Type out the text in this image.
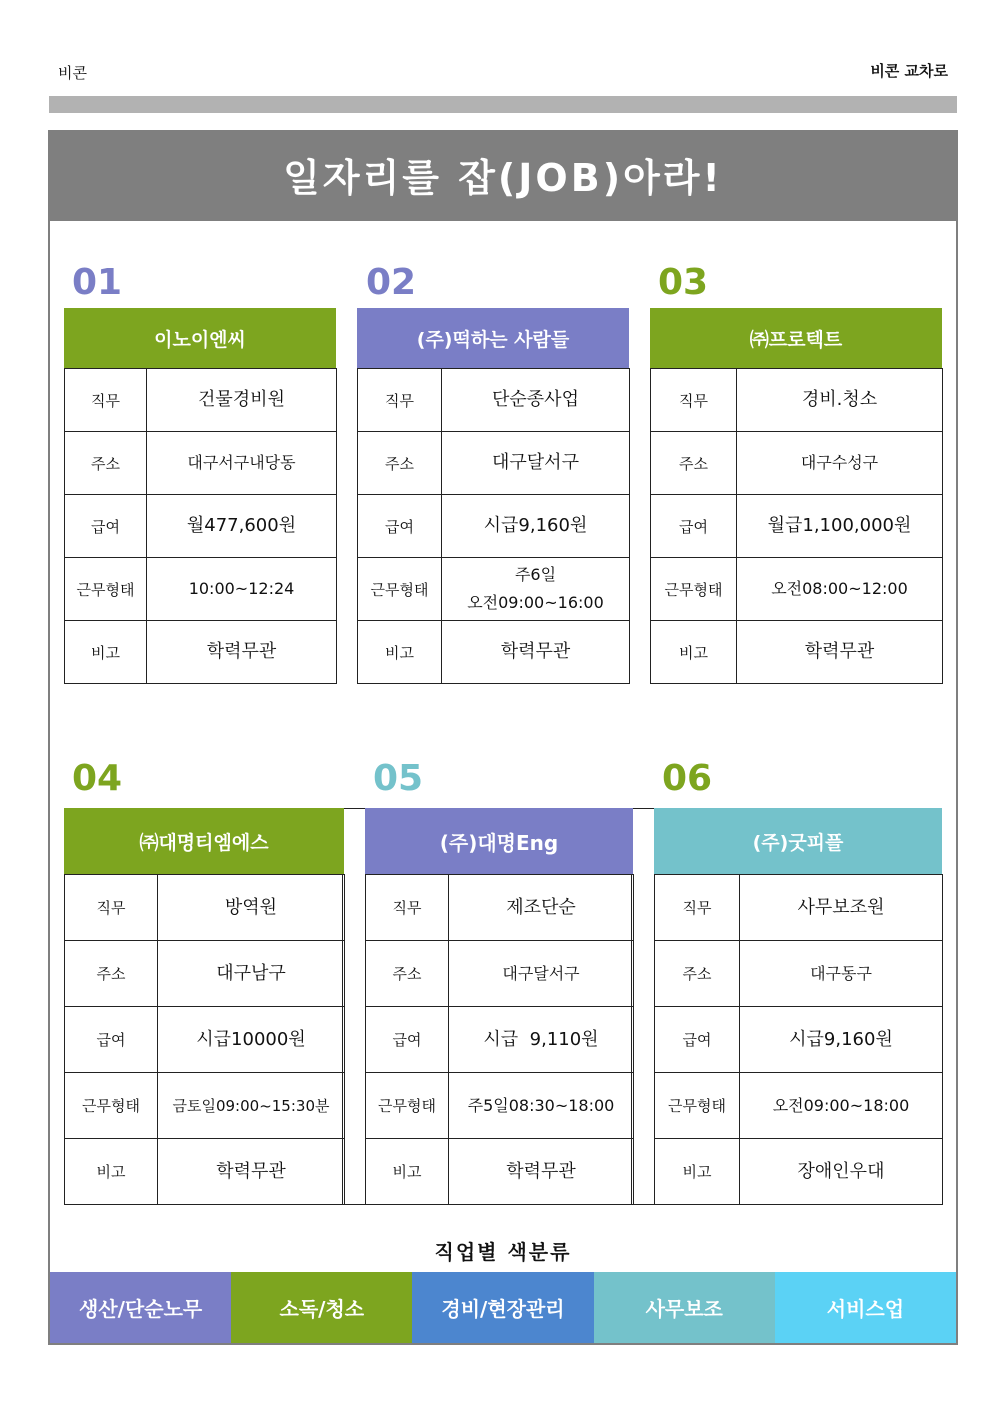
비콘	비콘 교차로
일자리를 잡(JOB)아라!
01
이노이엔씨
직무	건물경비원
주소	대구서구내당동
급여	월477,600원
근무형태	10:00~12:24
비고	학력무관
02
(주)떡하는 사람들
직무	단순종사업
주소	대구달서구
급여	시급9,160원
근무형태	주6일
오전09:00~16:00

비고	학력무관
03
㈜프로텍트
직무	경비.청소
주소	대구수성구
급여	월급1,100,000원
근무형태	오전08:00~12:00
비고	학력무관
04	05	06
㈜대명티엠에스
직무	방역원
주소	대구남구
급여	시급10000원
근무형태	금토일09:00~15:30분
비고	학력무관
(주)대명Eng
직무	제조단순
주소	대구달서구
급여	시급  9,110원
근무형태	주5일08:30~18:00
비고	학력무관
(주)굿피플
직무	사무보조원
주소	대구동구
급여	시급9,160원
근무형태	오전09:00~18:00
비고	장애인우대
직업별 색분류
생산/단순노무	소독/청소	경비/현장관리	사무보조	서비스업
